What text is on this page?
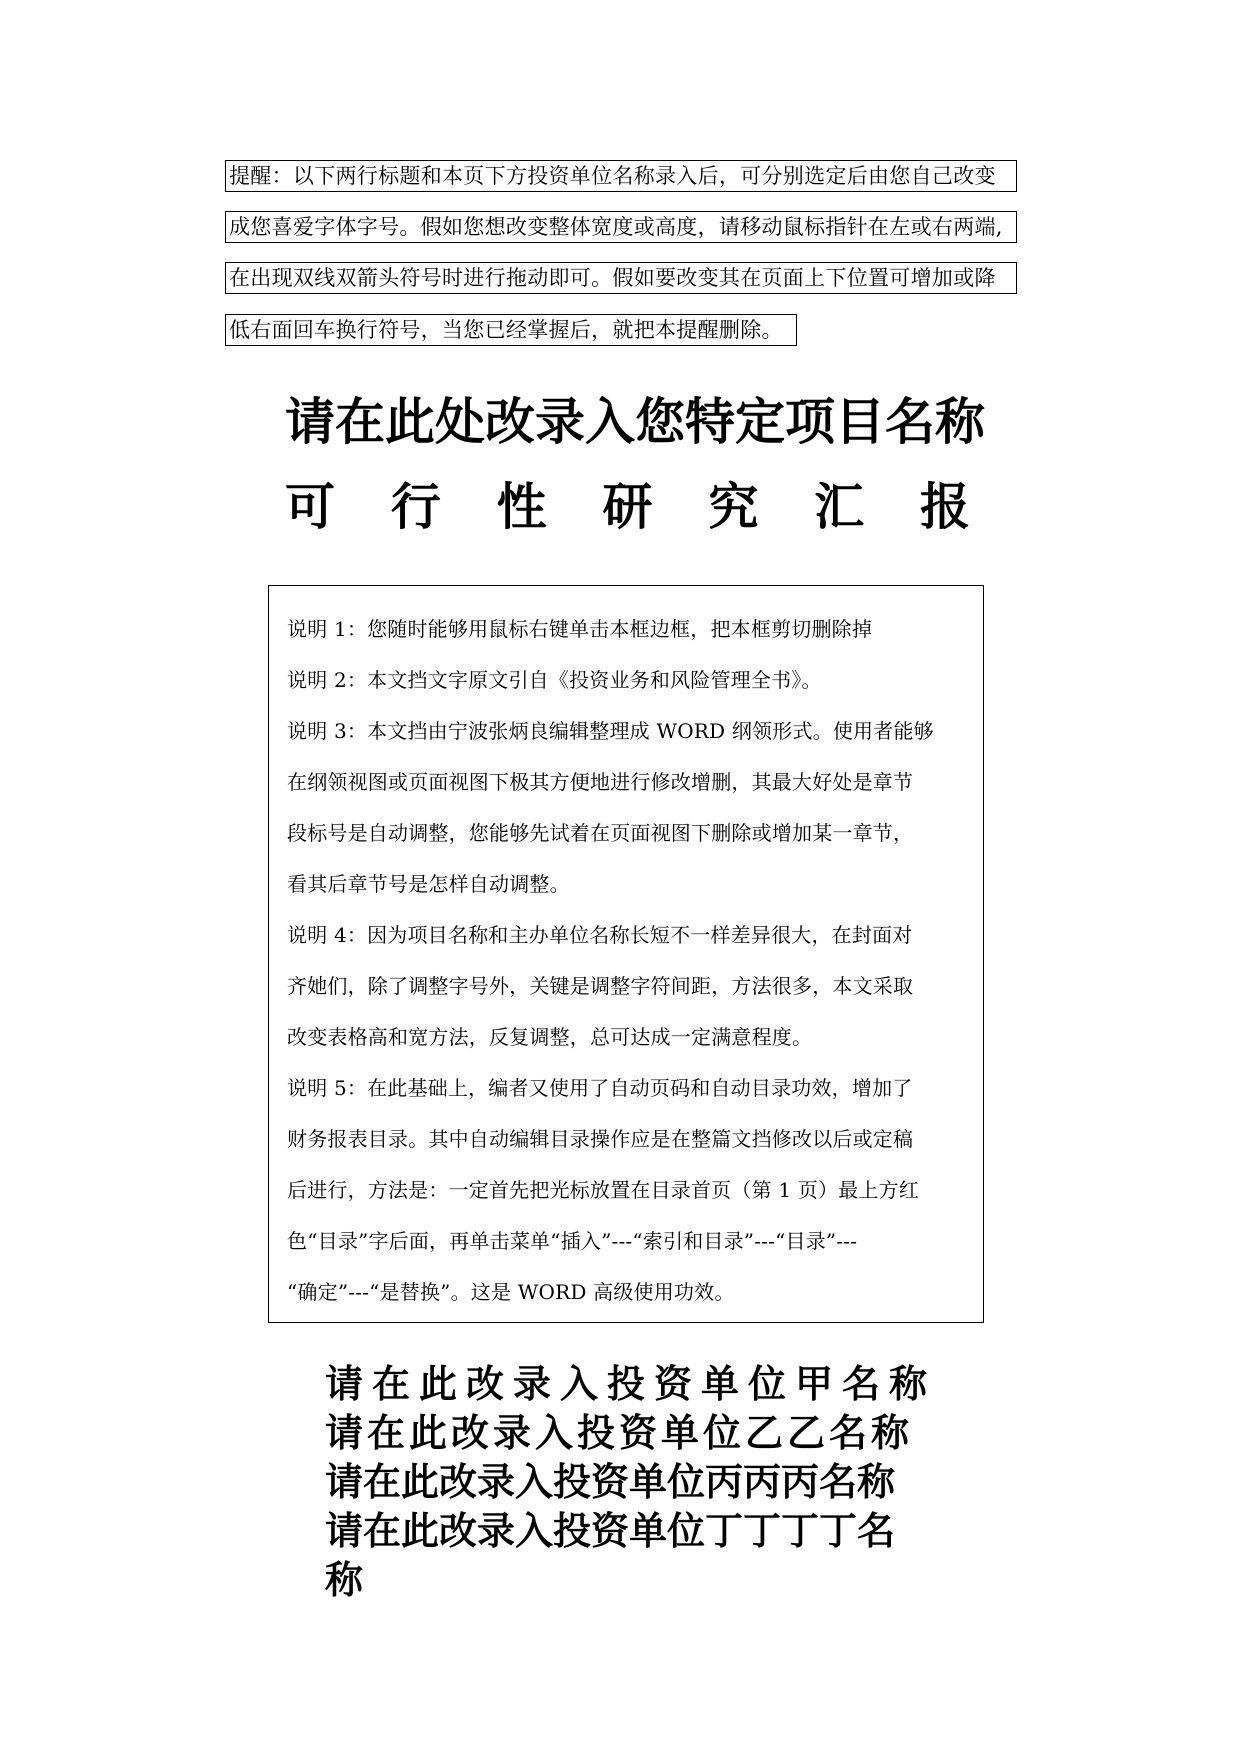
提醒：以下两行标题和本页下方投资单位名称录入后，可分别选定后由您自己改变
成您喜爱字体字号。假如您想改变整体宽度或高度，请移动鼠标指针在左或右两端,
在出现双线双箭头符号时进行拖动即可。假如要改变其在页面上下位置可增加或降
低右面回车换行符号，当您已经掌握后，就把本提醒删除。
请在此处改录入您特定项目名称
可 行 性 研 究 汇 报
说明 1：您随时能够用鼠标右键单击本框边框，把本框剪切删除掉
说明 2：本文挡文字原文引自《投资业务和风险管理全书》。
说明 3：本文挡由宁波张炳良编辑整理成 WORD 纲领形式。使用者能够
在纲领视图或页面视图下极其方便地进行修改增删，其最大好处是章节
段标号是自动调整，您能够先试着在页面视图下删除或增加某一章节，
看其后章节号是怎样自动调整。
说明 4：因为项目名称和主办单位名称长短不一样差异很大，在封面对
齐她们，除了调整字号外，关键是调整字符间距，方法很多，本文采取
改变表格高和宽方法，反复调整，总可达成一定满意程度。
说明 5：在此基础上，编者又使用了自动页码和自动目录功效，增加了
财务报表目录。其中自动编辑目录操作应是在整篇文挡修改以后或定稿
后进行，方法是：一定首先把光标放置在目录首页（第 1 页）最上方红
色“目录”字后面，再单击菜单“插入”---“索引和目录”---“目录”---
“确定”---“是替换”。这是 WORD 高级使用功效。
请在此改录入投资单位甲名称
请在此改录入投资单位乙乙名称
请在此改录入投资单位丙丙丙名称
请在此改录入投资单位丁丁丁丁名
称
